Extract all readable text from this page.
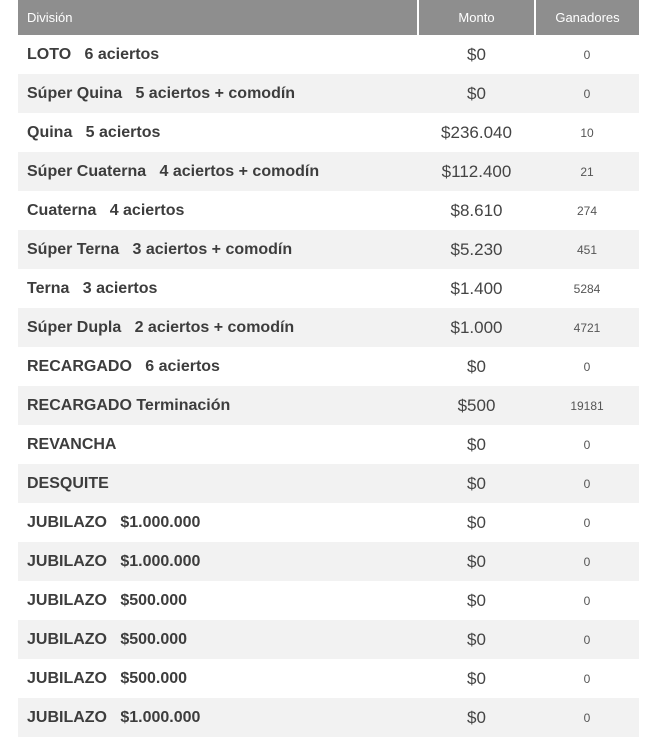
División	Monto	Ganadores
LOTO   6 aciertos	$0	0
Súper Quina   5 aciertos + comodín	$0	0
Quina   5 aciertos	$236.040	10
Súper Cuaterna   4 aciertos + comodín	$112.400	21
Cuaterna   4 aciertos	$8.610	274
Súper Terna   3 aciertos + comodín	$5.230	451
Terna   3 aciertos	$1.400	5284
Súper Dupla   2 aciertos + comodín	$1.000	4721
RECARGADO   6 aciertos	$0	0
RECARGADO Terminación	$500	19181
REVANCHA	$0	0
DESQUITE	$0	0
JUBILAZO   $1.000.000	$0	0
JUBILAZO   $1.000.000	$0	0
JUBILAZO   $500.000	$0	0
JUBILAZO   $500.000	$0	0
JUBILAZO   $500.000	$0	0
JUBILAZO   $1.000.000	$0	0
